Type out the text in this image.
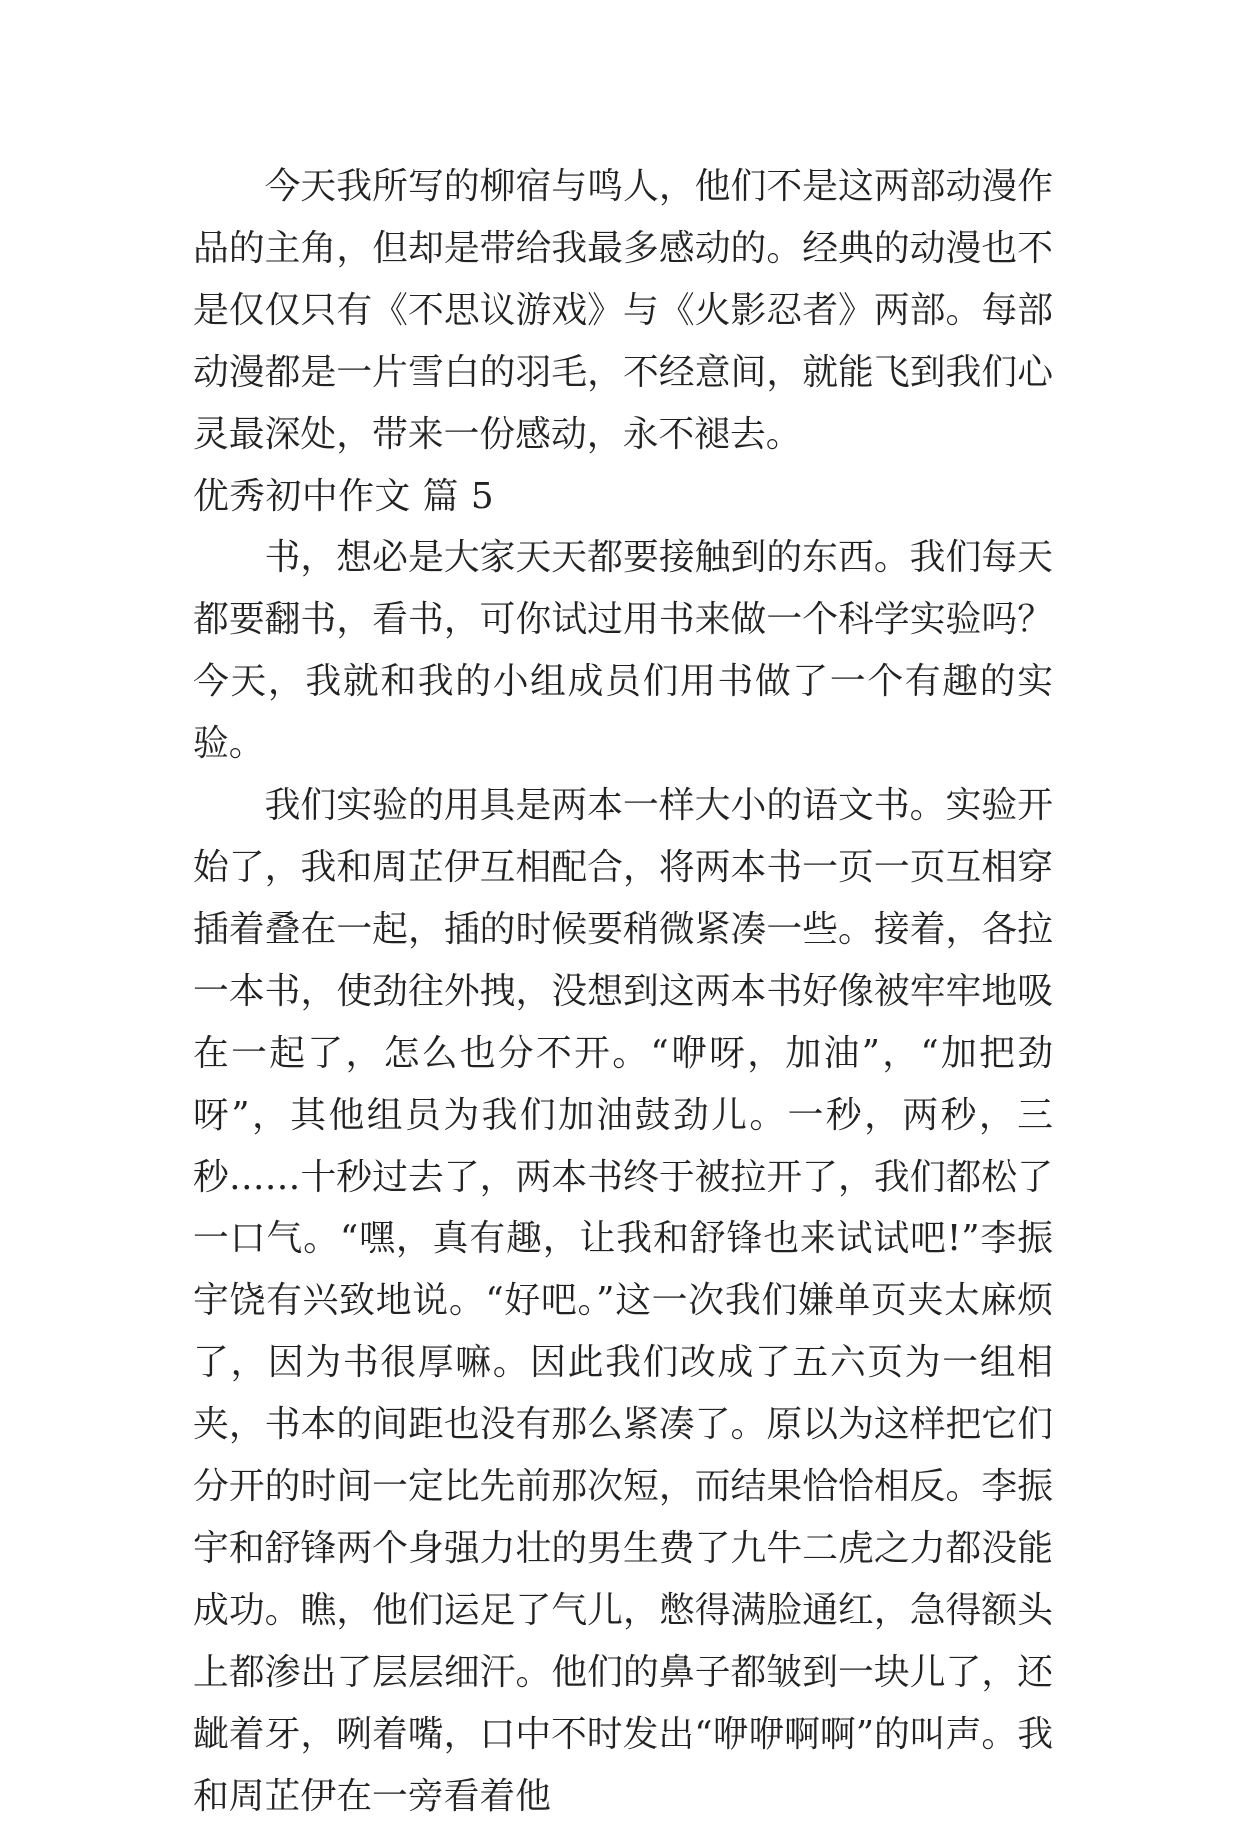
今天我所写的柳宿与鸣人，他们不是这两部动漫作品的主角，但却是带给我最多感动的。经典的动漫也不是仅仅只有《不思议游戏》与《火影忍者》两部。每部动漫都是一片雪白的羽毛，不经意间，就能飞到我们心灵最深处，带来一份感动，永不褪去。

优秀初中作文 篇 5

书，想必是大家天天都要接触到的东西。我们每天都要翻书，看书，可你试过用书来做一个科学实验吗？今天，我就和我的小组成员们用书做了一个有趣的实验。

我们实验的用具是两本一样大小的语文书。实验开始了，我和周芷伊互相配合，将两本书一页一页互相穿插着叠在一起，插的时候要稍微紧凑一些。接着，各拉一本书，使劲往外拽，没想到这两本书好像被牢牢地吸在一起了，怎么也分不开。“咿呀，加油”，“加把劲呀”，其他组员为我们加油鼓劲儿。一秒，两秒，三秒……十秒过去了，两本书终于被拉开了，我们都松了一口气。“嘿，真有趣，让我和舒锋也来试试吧!”李振宇饶有兴致地说。“好吧。”这一次我们嫌单页夹太麻烦了，因为书很厚嘛。因此我们改成了五六页为一组相夹，书本的间距也没有那么紧凑了。原以为这样把它们分开的时间一定比先前那次短，而结果恰恰相反。李振宇和舒锋两个身强力壮的男生费了九牛二虎之力都没能成功。瞧，他们运足了气儿，憋得满脸通红，急得额头上都渗出了层层细汗。他们的鼻子都皱到一块儿了，还龇着牙，咧着嘴，口中不时发出“咿咿啊啊”的叫声。我和周芷伊在一旁看着他
